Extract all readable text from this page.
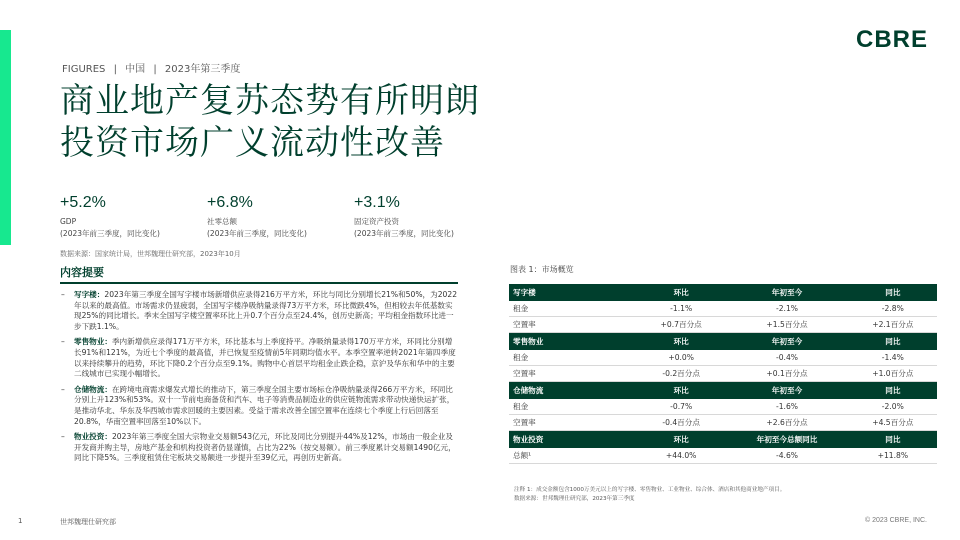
CBRE
FIGURES | 中国 | 2023年第三季度
商业地产复苏态势有所明朗
投资市场广义流动性改善
+5.2%
GDP
(2023年前三季度，同比变化)
+6.8%
社零总额
(2023年前三季度，同比变化)
+3.1%
固定资产投资
(2023年前三季度，同比变化)
数据来源：国家统计局，世邦魏理仕研究部，2023年10月
内容提要
– 写字楼：2023年第三季度全国写字楼市场新增供应录得216万平方米，环比与同比分别增长21%和50%，为2022年以来的最高值。市场需求仍显疲弱，全国写字楼净吸纳量录得73万平方米，环比微跌4%，但相较去年低基数实现25%的同比增长。季末全国写字楼空置率环比上升0.7个百分点至24.4%，创历史新高；平均租金指数环比进一步下跌1.1%。
– 零售物业：季内新增供应录得171万平方米，环比基本与上季度持平。净吸纳量录得170万平方米，环同比分别增长91%和121%，为近七个季度的最高值，并已恢复至疫情前5年同期均值水平。本季空置率逆转2021年第四季度以来持续攀升的趋势，环比下降0.2个百分点至9.1%。购物中心首层平均租金止跌企稳，京沪及华东和华中的主要二线城市已实现小幅增长。
– 仓储物流：在跨境电商需求爆发式增长的推动下，第三季度全国主要市场标仓净吸纳量录得266万平方米，环同比分别上升123%和53%。双十一节前电商备货和汽车、电子等消费品制造业的供应链物流需求带动快递快运扩张，是推动华北、华东及华西城市需求回暖的主要因素。受益于需求改善全国空置率在连续七个季度上行后回落至20.8%，华南空置率回落至10%以下。
– 物业投资：2023年第三季度全国大宗物业交易额543亿元，环比及同比分别提升44%及12%，市场由一般企业及开发商并购主导，房地产基金和机构投资者仍显谨慎，占比为22%（按交易额）。前三季度累计交易额1490亿元，同比下降5%。三季度租赁住宅板块交易额进一步提升至39亿元，再创历史新高。
图表 1：市场概览
写字楼	环比	年初至今	同比
租金	-1.1%	-2.1%	-2.8%
空置率	+0.7百分点	+1.5百分点	+2.1百分点
零售物业	环比	年初至今	同比
租金	+0.0%	-0.4%	-1.4%
空置率	-0.2百分点	+0.1百分点	+1.0百分点
仓储物流	环比	年初至今	同比
租金	-0.7%	-1.6%	-2.0%
空置率	-0.4百分点	+2.6百分点	+4.5百分点
物业投资	环比	年初至今总额同比	同比
总额¹	+44.0%	-4.6%	+11.8%
注释 1：成交金额包含1000万美元以上的写字楼、零售物业、工业物业、综合体、酒店和其他商业地产项目。
数据来源：世邦魏理仕研究部，2023年第三季度
1	世邦魏理仕研究部	© 2023 CBRE, INC.
